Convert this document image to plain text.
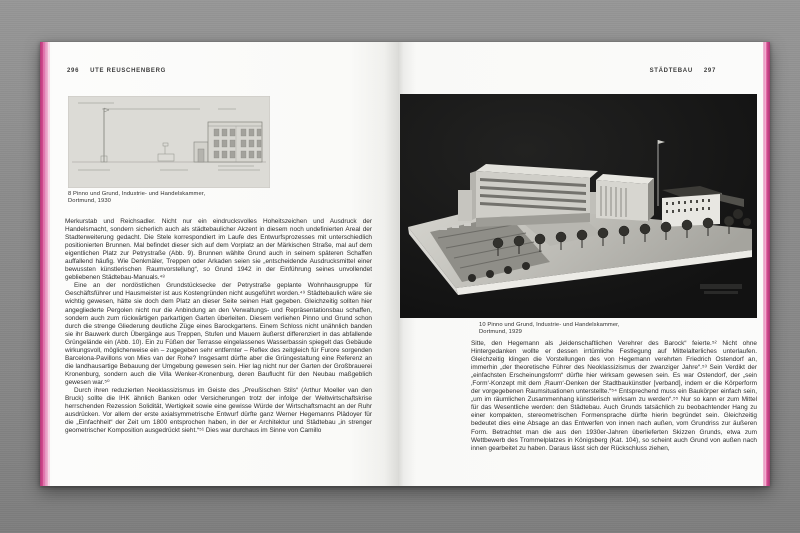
296 UTE REUSCHENBERG
8 Pinno und Grund, Industrie- und Handelskammer,
Dortmund, 1930

Merkurstab und Reichsadler. Nicht nur ein eindrucksvolles Hoheitszeichen und Ausdruck der Handelsmacht, sondern sicherlich auch als städtebaulicher Akzent in diesem noch undefinierten Areal der Stadterweiterung gedacht. Die Stele korrespondiert im Laufe des Entwurfsprozesses mit unterschiedlich positionierten Brunnen. Mal befindet dieser sich auf dem Vorplatz an der Märkischen Straße, mal auf dem eigentlichen Platz zur Petrystraße (Abb. 9). Brunnen wählte Grund auch in seinem späteren Schaffen auffallend häufig. Wie Denkmäler, Treppen oder Arkaden seien sie „entscheidende Ausdrucksmittel einer bewussten künstlerischen Raumvorstellung“, so Grund 1942 in der Einführung seines unvollendet gebliebenen Städtebau-Manuals.⁴⁸

Eine an der nordöstlichen Grundstücksecke der Petrystraße geplante Wohnhausgruppe für Geschäftsführer und Hausmeister ist aus Kostengründen nicht ausgeführt worden.⁴⁹ Städtebaulich wäre sie wichtig gewesen, hätte sie doch dem Platz an dieser Seite seinen Halt gegeben. Gleichzeitig sollten hier angegliederte Pergolen nicht nur die Anbindung an den Verwaltungs- und Repräsentationsbau schaffen, sondern auch zum rückwärtigen parkartigen Garten überleiten. Diesem verliehen Pinno und Grund schon durch die strenge Gliederung deutliche Züge eines Barockgartens. Einem Schloss nicht unähnlich banden sie ihr Bauwerk durch Übergänge aus Treppen, Stufen und Mauern äußerst differenziert in das abfallende Grüngelände ein (Abb. 10). Ein zu Füßen der Terrasse eingelassenes Wasserbassin spiegelt das Gebäude wirkungsvoll, möglicherweise ein – zugegeben sehr entfernter – Reflex des zeitgleich für Furore sorgenden Barcelona-Pavillons von Mies van der Rohe? Insgesamt dürfte aber die Grüngestaltung eine Referenz an die landhausartige Bebauung der Umgebung gewesen sein. Hier lag nicht nur der Garten der Großbrauerei Kronenburg, sondern auch die Villa Wenker-Kronenburg, deren Bauflucht für den Neubau maßgeblich gewesen war.⁵⁰

Durch ihren reduzierten Neoklassizismus im Geiste des „Preußischen Stils“ (Arthur Moeller van den Bruck) sollte die IHK ähnlich Banken oder Versicherungen trotz der infolge der Weltwirtschaftskrise herrschenden Rezession Solidität, Wertigkeit sowie eine gewisse Würde der Wirtschaftsmacht an der Ruhr ausdrücken. Vor allem der erste axialsymmetrische Entwurf dürfte ganz Werner Hegemanns Plädoyer für die „Einfachheit“ der Zeit um 1800 entsprochen haben, in der er Architektur und Städtebau „in strenger geometrischer Komposition ausgedrückt sieht.“⁵¹ Dies war durchaus im Sinne von Camillo

STÄDTEBAU 297
10 Pinno und Grund, Industrie- und Handelskammer,
Dortmund, 1929

Sitte, den Hegemann als „leidenschaftlichen Verehrer des Barock“ feierte.⁵² Nicht ohne Hintergedanken wollte er dessen irrtümliche Festlegung auf Mittelalterliches unterlaufen. Gleichzeitig klingen die Vorstellungen des von Hegemann verehrten Friedrich Ostendorf an, immerhin „der theoretische Führer des Neoklassizismus der zwanziger Jahre“.⁵³ Sein Verdikt der „einfachsten Erscheinungsform“ dürfte hier wirksam gewesen sein. Es war Ostendorf, der „sein ‚Form‘-Konzept mit dem ‚Raum‘-Denken der Stadtbaukünstler [verband], indem er die Körperform der vorgegebenen Raumsituationen unterstellte.“⁵⁴ Entsprechend muss ein Baukörper einfach sein, „um im räumlichen Zusammenhang künstlerisch wirksam zu werden“.⁵⁵ Nur so kann er zum Mittel für das Wesentliche werden: den Städtebau. Auch Grunds tatsächlich zu beobachtender Hang zu einer kompakten, stereometrischen Formensprache dürfte hierin begründet sein. Gleichzeitig bedeutet dies eine Absage an das Entwerfen von innen nach außen, vom Grundriss zur äußeren Form. Betrachtet man die aus den 1930er-Jahren überlieferten Skizzen Grunds, etwa zum Wettbewerb des Trommelplatzes in Königsberg (Kat. 104), so scheint auch Grund von außen nach innen gearbeitet zu haben. Daraus lässt sich der Rückschluss ziehen,
